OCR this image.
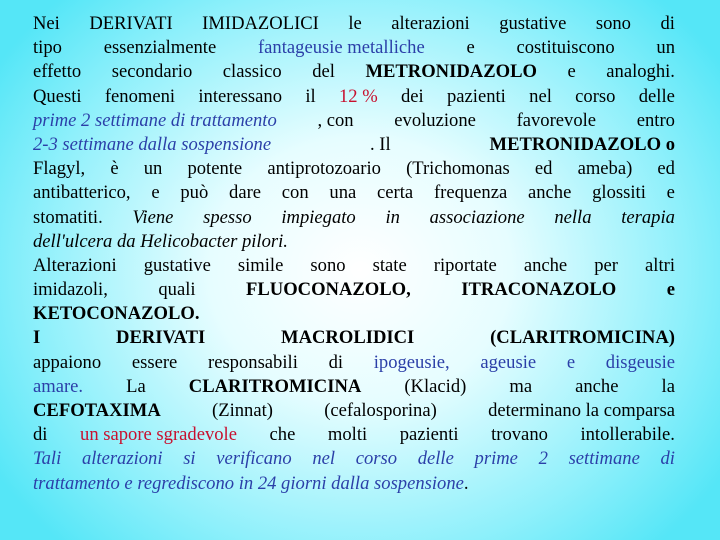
Nei DERIVATI IMIDAZOLICI le alterazioni gustative sono di
tipo essenzialmente fantageusie metalliche e costituiscono un
effetto secondario classico del METRONIDAZOLO e analoghi.
Questi fenomeni interessano il 12 % dei pazienti nel corso delle
prime 2 settimane di trattamento , con evoluzione favorevole entro
2-3 settimane dalla sospensione	. Il	METRONIDAZOLO o
Flagyl, è un potente antiprotozoario (Trichomonas ed ameba) ed
antibatterico, e può dare con una certa frequenza anche glossiti e
stomatiti. Viene spesso impiegato in associazione nella terapia
dell'ulcera da Helicobacter pilori.
Alterazioni gustative simile sono state riportate anche per altri
imidazoli,	quali	FLUOCONAZOLO,	ITRACONAZOLO	e
KETOCONAZOLO.
I	DERIVATI	MACROLIDICI	(CLARITROMICINA)
appaiono essere responsabili di ipogeusie, ageusie e disgeusie
amare. La CLARITROMICINA (Klacid) ma anche la
CEFOTAXIMA	(Zinnat)	(cefalosporina)	determinano la comparsa
di un sapore sgradevole che molti pazienti trovano intollerabile.
Tali alterazioni si verificano nel corso delle prime 2 settimane di
trattamento e regrediscono in 24 giorni dalla sospensione .
